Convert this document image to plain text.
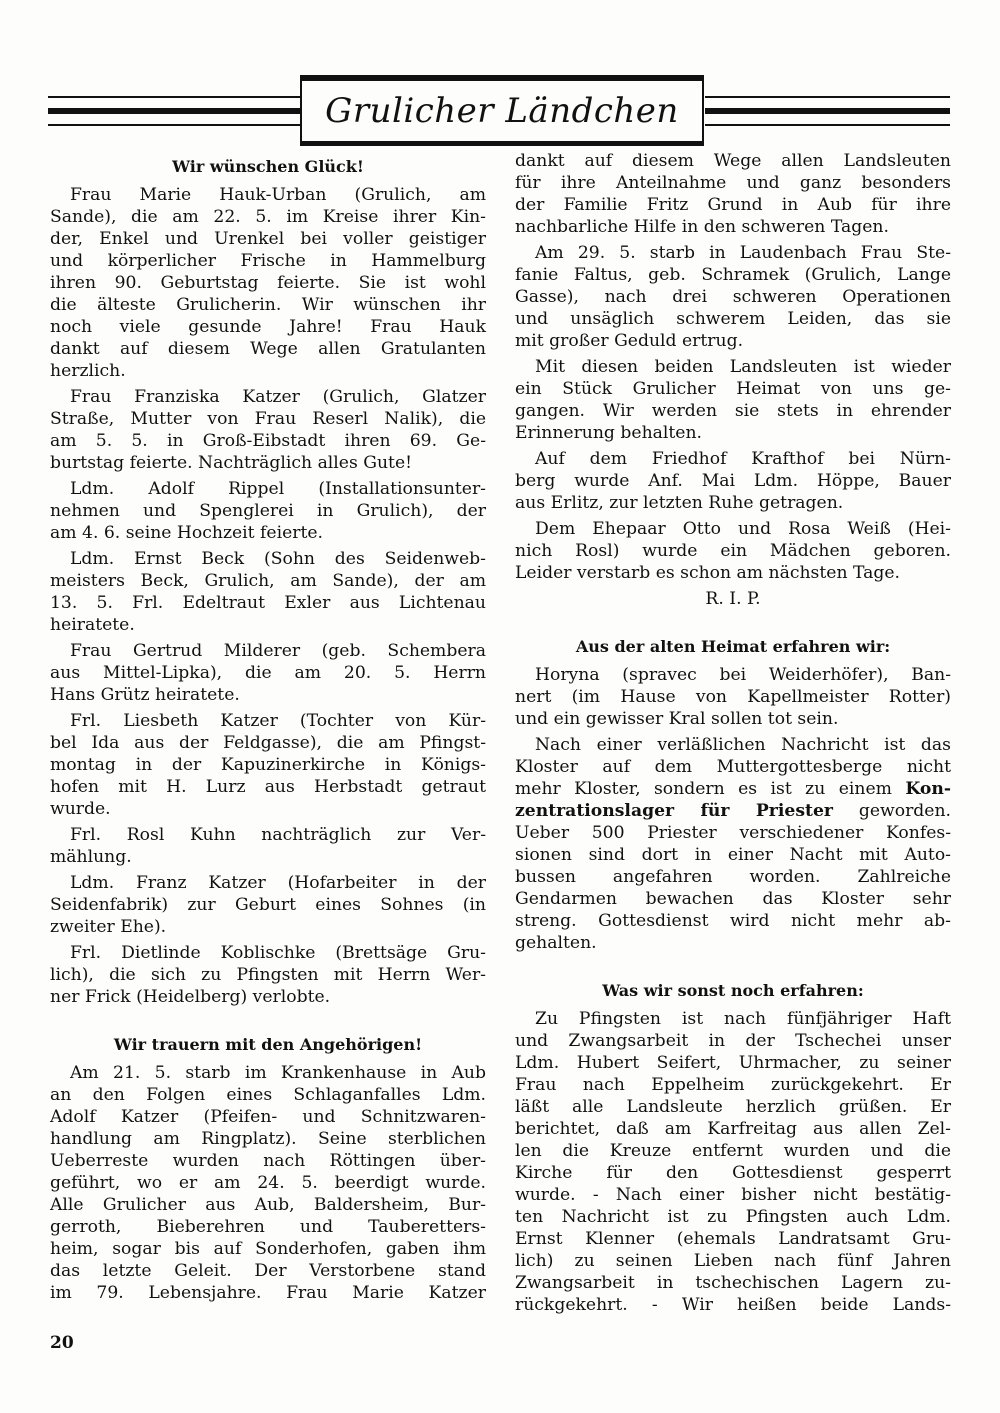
Grulicher Ländchen
Wir wünschen Glück!
Frau Marie Hauk-Urban (Grulich, am
Sande), die am 22. 5. im Kreise ihrer Kin-
der, Enkel und Urenkel bei voller geistiger
und körperlicher Frische in Hammelburg
ihren 90. Geburtstag feierte. Sie ist wohl
die älteste Grulicherin. Wir wünschen ihr
noch viele gesunde Jahre! Frau Hauk
dankt auf diesem Wege allen Gratulanten
herzlich.
Frau Franziska Katzer (Grulich, Glatzer
Straße, Mutter von Frau Reserl Nalik), die
am 5. 5. in Groß-Eibstadt ihren 69. Ge-
burtstag feierte. Nachträglich alles Gute!
Ldm. Adolf Rippel (Installationsunter-
nehmen und Spenglerei in Grulich), der
am 4. 6. seine Hochzeit feierte.
Ldm. Ernst Beck (Sohn des Seidenweb-
meisters Beck, Grulich, am Sande), der am
13. 5. Frl. Edeltraut Exler aus Lichtenau
heiratete.
Frau Gertrud Milderer (geb. Schembera
aus Mittel-Lipka), die am 20. 5. Herrn
Hans Grütz heiratete.
Frl. Liesbeth Katzer (Tochter von Kür-
bel Ida aus der Feldgasse), die am Pfingst-
montag in der Kapuzinerkirche in Königs-
hofen mit H. Lurz aus Herbstadt getraut
wurde.
Frl. Rosl Kuhn nachträglich zur Ver-
mählung.
Ldm. Franz Katzer (Hofarbeiter in der
Seidenfabrik) zur Geburt eines Sohnes (in
zweiter Ehe).
Frl. Dietlinde Koblischke (Brettsäge Gru-
lich), die sich zu Pfingsten mit Herrn Wer-
ner Frick (Heidelberg) verlobte.
Wir trauern mit den Angehörigen!
Am 21. 5. starb im Krankenhause in Aub
an den Folgen eines Schlaganfalles Ldm.
Adolf Katzer (Pfeifen- und Schnitzwaren-
handlung am Ringplatz). Seine sterblichen
Ueberreste wurden nach Röttingen über-
geführt, wo er am 24. 5. beerdigt wurde.
Alle Grulicher aus Aub, Baldersheim, Bur-
gerroth, Bieberehren und Tauberetters-
heim, sogar bis auf Sonderhofen, gaben ihm
das letzte Geleit. Der Verstorbene stand
im 79. Lebensjahre. Frau Marie Katzer
dankt auf diesem Wege allen Landsleuten
für ihre Anteilnahme und ganz besonders
der Familie Fritz Grund in Aub für ihre
nachbarliche Hilfe in den schweren Tagen.
Am 29. 5. starb in Laudenbach Frau Ste-
fanie Faltus, geb. Schramek (Grulich, Lange
Gasse), nach drei schweren Operationen
und unsäglich schwerem Leiden, das sie
mit großer Geduld ertrug.
Mit diesen beiden Landsleuten ist wieder
ein Stück Grulicher Heimat von uns ge-
gangen. Wir werden sie stets in ehrender
Erinnerung behalten.
Auf dem Friedhof Krafthof bei Nürn-
berg wurde Anf. Mai Ldm. Höppe, Bauer
aus Erlitz, zur letzten Ruhe getragen.
Dem Ehepaar Otto und Rosa Weiß (Hei-
nich Rosl) wurde ein Mädchen geboren.
Leider verstarb es schon am nächsten Tage.
R. I. P.
Aus der alten Heimat erfahren wir:
Horyna (spravec bei Weiderhöfer), Ban-
nert (im Hause von Kapellmeister Rotter)
und ein gewisser Kral sollen tot sein.
Nach einer verläßlichen Nachricht ist das
Kloster auf dem Muttergottesberge nicht
mehr Kloster, sondern es ist zu einem Kon-
zentrationslager für Priester geworden.
Ueber 500 Priester verschiedener Konfes-
sionen sind dort in einer Nacht mit Auto-
bussen angefahren worden. Zahlreiche
Gendarmen bewachen das Kloster sehr
streng. Gottesdienst wird nicht mehr ab-
gehalten.
Was wir sonst noch erfahren:
Zu Pfingsten ist nach fünfjähriger Haft
und Zwangsarbeit in der Tschechei unser
Ldm. Hubert Seifert, Uhrmacher, zu seiner
Frau nach Eppelheim zurückgekehrt. Er
läßt alle Landsleute herzlich grüßen. Er
berichtet, daß am Karfreitag aus allen Zel-
len die Kreuze entfernt wurden und die
Kirche für den Gottesdienst gesperrt
wurde. - Nach einer bisher nicht bestätig-
ten Nachricht ist zu Pfingsten auch Ldm.
Ernst Klenner (ehemals Landratsamt Gru-
lich) zu seinen Lieben nach fünf Jahren
Zwangsarbeit in tschechischen Lagern zu-
rückgekehrt. - Wir heißen beide Lands-
20
